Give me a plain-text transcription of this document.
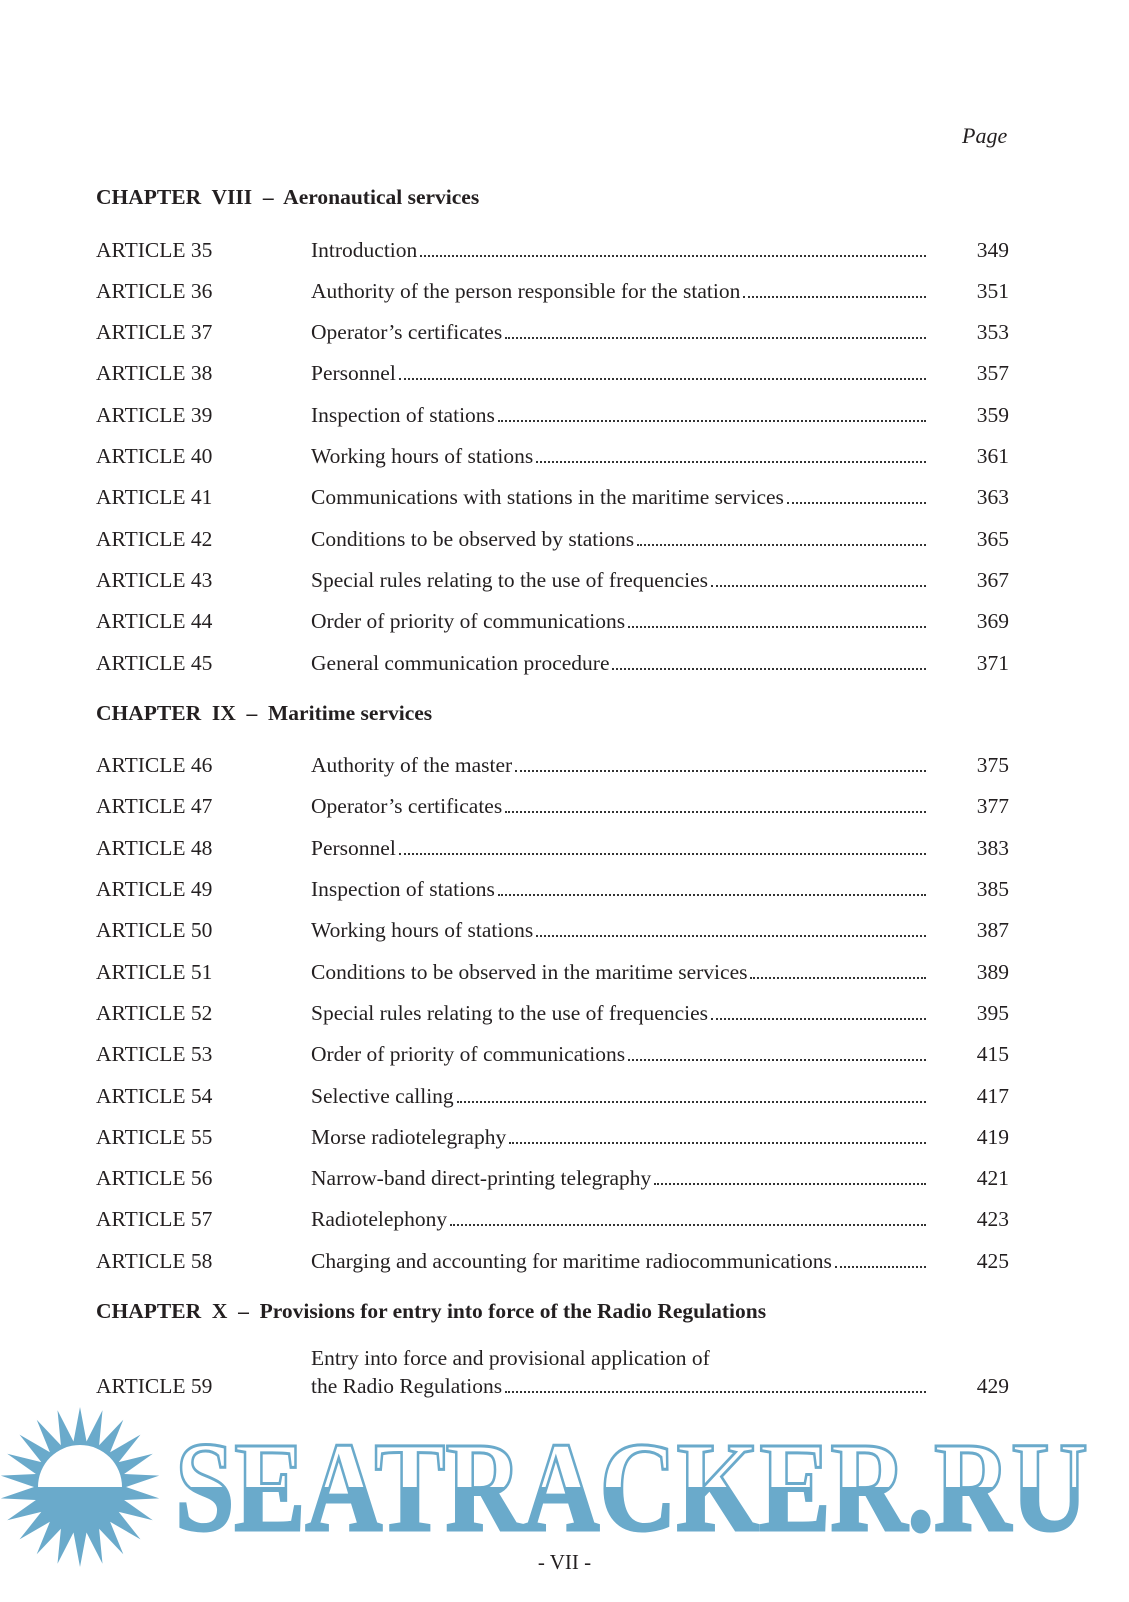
Page
CHAPTER  VIII  –  Aeronautical services
ARTICLE 35	Introduction	349
ARTICLE 36	Authority of the person responsible for the station	351
ARTICLE 37	Operator’s certificates	353
ARTICLE 38	Personnel	357
ARTICLE 39	Inspection of stations	359
ARTICLE 40	Working hours of stations	361
ARTICLE 41	Communications with stations in the maritime services	363
ARTICLE 42	Conditions to be observed by stations	365
ARTICLE 43	Special rules relating to the use of frequencies	367
ARTICLE 44	Order of priority of communications	369
ARTICLE 45	General communication procedure	371
CHAPTER  IX  –  Maritime services
ARTICLE 46	Authority of the master	375
ARTICLE 47	Operator’s certificates	377
ARTICLE 48	Personnel	383
ARTICLE 49	Inspection of stations	385
ARTICLE 50	Working hours of stations	387
ARTICLE 51	Conditions to be observed in the maritime services	389
ARTICLE 52	Special rules relating to the use of frequencies	395
ARTICLE 53	Order of priority of communications	415
ARTICLE 54	Selective calling	417
ARTICLE 55	Morse radiotelegraphy	419
ARTICLE 56	Narrow-band direct-printing telegraphy	421
ARTICLE 57	Radiotelephony	423
ARTICLE 58	Charging and accounting for maritime radiocommunications	425
CHAPTER  X  –  Provisions for entry into force of the Radio Regulations
ARTICLE 59
Entry into force and provisional application of
the Radio Regulations	429
SEATRACKER.RU
- VII -
